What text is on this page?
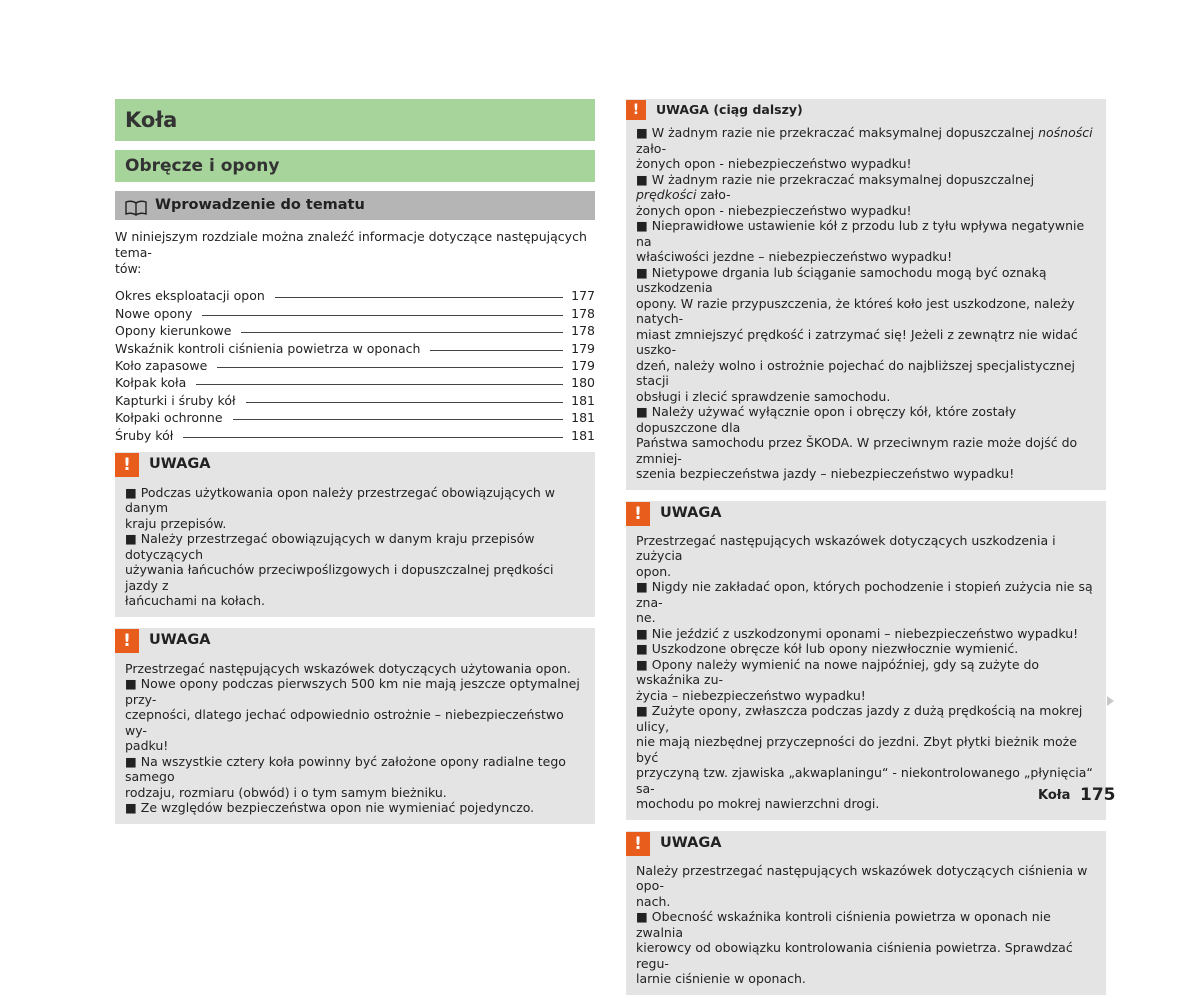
Koła
Obręcze i opony
Wprowadzenie do tematu
W niniejszym rozdziale można znaleźć informacje dotyczące następujących tema-
tów:
Okres eksploatacji opon	177
Nowe opony	178
Opony kierunkowe	178
Wskaźnik kontroli ciśnienia powietrza w oponach	179
Koło zapasowe	179
Kołpak koła	180
Kapturki i śruby kół	181
Kołpaki ochronne	181
Śruby kół	181
!	UWAGA
■ Podczas użytkowania opon należy przestrzegać obowiązujących w danym
kraju przepisów.
■ Należy przestrzegać obowiązujących w danym kraju przepisów dotyczących
używania łańcuchów przeciwpoślizgowych i dopuszczalnej prędkości jazdy z
łańcuchami na kołach.
!	UWAGA
Przestrzegać następujących wskazówek dotyczących użytowania opon.
■ Nowe opony podczas pierwszych 500 km nie mają jeszcze optymalnej przy-
czepności, dlatego jechać odpowiednio ostrożnie – niebezpieczeństwo wy-
padku!
■ Na wszystkie cztery koła powinny być założone opony radialne tego samego
rodzaju, rozmiaru (obwód) i o tym samym bieżniku.
■ Ze względów bezpieczeństwa opon nie wymieniać pojedynczo.
!	UWAGA (ciąg dalszy)
■ W żadnym razie nie przekraczać maksymalnej dopuszczalnej nośności zało-
żonych opon - niebezpieczeństwo wypadku!
■ W żadnym razie nie przekraczać maksymalnej dopuszczalnej prędkości zało-
żonych opon - niebezpieczeństwo wypadku!
■ Nieprawidłowe ustawienie kół z przodu lub z tyłu wpływa negatywnie na
właściwości jezdne – niebezpieczeństwo wypadku!
■ Nietypowe drgania lub ściąganie samochodu mogą być oznaką uszkodzenia
opony. W razie przypuszczenia, że któreś koło jest uszkodzone, należy natych-
miast zmniejszyć prędkość i zatrzymać się! Jeżeli z zewnątrz nie widać uszko-
dzeń, należy wolno i ostrożnie pojechać do najbliższej specjalistycznej stacji
obsługi i zlecić sprawdzenie samochodu.
■ Należy używać wyłącznie opon i obręczy kół, które zostały dopuszczone dla
Państwa samochodu przez ŠKODA. W przeciwnym razie może dojść do zmniej-
szenia bezpieczeństwa jazdy – niebezpieczeństwo wypadku!
!	UWAGA
Przestrzegać następujących wskazówek dotyczących uszkodzenia i zużycia
opon.
■ Nigdy nie zakładać opon, których pochodzenie i stopień zużycia nie są zna-
ne.
■ Nie jeździć z uszkodzonymi oponami – niebezpieczeństwo wypadku!
■ Uszkodzone obręcze kół lub opony niezwłocznie wymienić.
■ Opony należy wymienić na nowe najpóźniej, gdy są zużyte do wskaźnika zu-
życia – niebezpieczeństwo wypadku!
■ Zużyte opony, zwłaszcza podczas jazdy z dużą prędkością na mokrej ulicy,
nie mają niezbędnej przyczepności do jezdni. Zbyt płytki bieżnik może być
przyczyną tzw. zjawiska „akwaplaningu“ - niekontrolowanego „płynięcia“ sa-
mochodu po mokrej nawierzchni drogi.
!	UWAGA
Należy przestrzegać następujących wskazówek dotyczących ciśnienia w opo-
nach.
■ Obecność wskaźnika kontroli ciśnienia powietrza w oponach nie zwalnia
kierowcy od obowiązku kontrolowania ciśnienia powietrza. Sprawdzać regu-
larnie ciśnienie w oponach.
Koła 175
